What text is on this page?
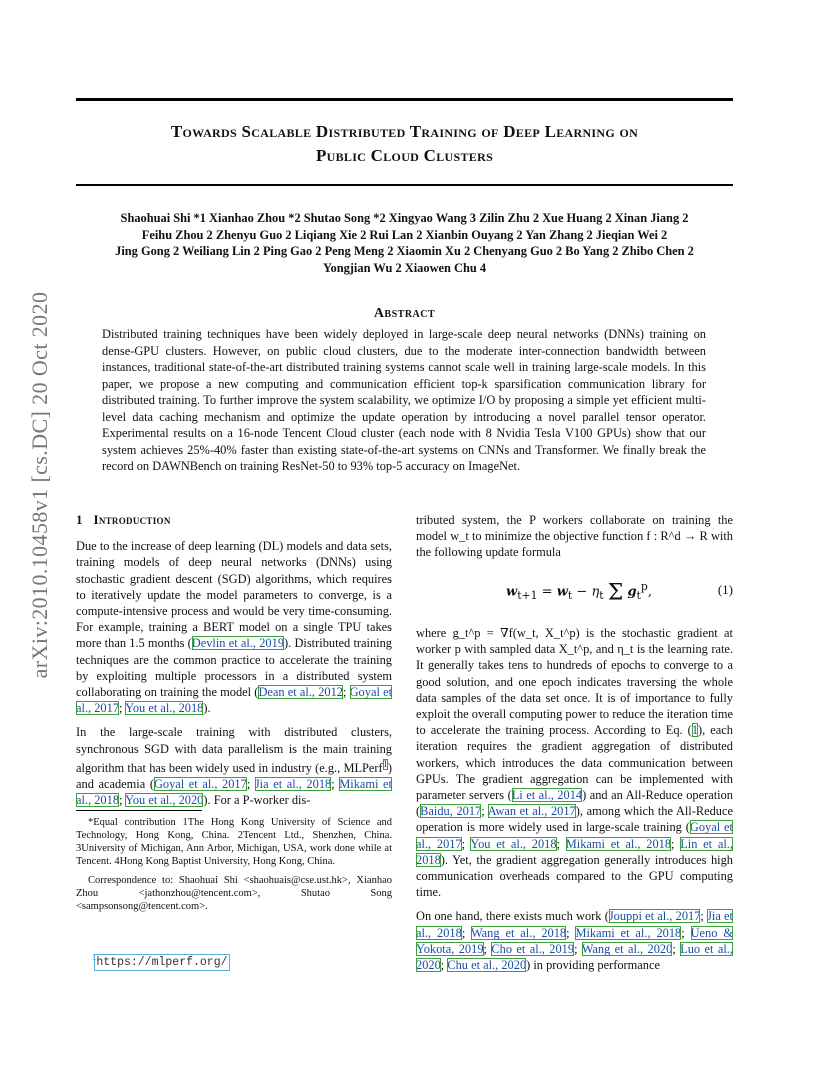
Towards Scalable Distributed Training of Deep Learning on
Public Cloud Clusters
Shaohuai Shi *1 Xianhao Zhou *2 Shutao Song *2 Xingyao Wang 3 Zilin Zhu 2 Xue Huang 2 Xinan Jiang 2
Feihu Zhou 2 Zhenyu Guo 2 Liqiang Xie 2 Rui Lan 2 Xianbin Ouyang 2 Yan Zhang 2 Jieqian Wei 2
Jing Gong 2 Weiliang Lin 2 Ping Gao 2 Peng Meng 2 Xiaomin Xu 2 Chenyang Guo 2 Bo Yang 2 Zhibo Chen 2
Yongjian Wu 2 Xiaowen Chu 4
arXiv:2010.10458v1 [cs.DC] 20 Oct 2020	Abstract
Distributed training techniques have been widely deployed in large-scale deep neural networks (DNNs) training on dense-GPU clusters. However, on public cloud clusters, due to the moderate inter-connection bandwidth between instances, traditional state-of-the-art distributed training systems cannot scale well in training large-scale models. In this paper, we propose a new computing and communication efficient top-k sparsification communication library for distributed training. To further improve the system scalability, we optimize I/O by proposing a simple yet efficient multi-level data caching mechanism and optimize the update operation by introducing a novel parallel tensor operator. Experimental results on a 16-node Tencent Cloud cluster (each node with 8 Nvidia Tesla V100 GPUs) show that our system achieves 25%-40% faster than existing state-of-the-art systems on CNNs and Transformer. We finally break the record on DAWNBench on training ResNet-50 to 93% top-5 accuracy on ImageNet.
1 Introduction

Due to the increase of deep learning (DL) models and data sets, training models of deep neural networks (DNNs) using stochastic gradient descent (SGD) algorithms, which requires to iteratively update the model parameters to converge, is a compute-intensive process and would be very time-consuming. For example, training a BERT model on a single TPU takes more than 1.5 months (Devlin et al., 2019). Distributed training techniques are the common practice to accelerate the training by exploiting multiple processors in a distributed system collaborating on training the model (Dean et al., 2012; Goyal et al., 2017; You et al., 2018).

In the large-scale training with distributed clusters, synchronous SGD with data parallelism is the main training algorithm that has been widely used in industry (e.g., MLPerf$^1$) and academia (Goyal et al., 2017; Jia et al., 2018; Mikami et al., 2018; You et al., 2020). For a P-worker dis-

*Equal contribution 1The Hong Kong University of Science and Technology, Hong Kong, China. 2Tencent Ltd., Shenzhen, China. 3University of Michigan, Ann Arbor, Michigan, USA, work done while at Tencent. 4Hong Kong Baptist University, Hong Kong, China.

Correspondence to: Shaohuai Shi <shaohuais@cse.ust.hk>, Xianhao Zhou <jathonzhou@tencent.com>, Shutao Song <sampsonsong@tencent.com>.

$^1$https://mlperf.org/

tributed system, the P workers collaborate on training the model w_t to minimize the objective function f : R^d → R with the following update formula

$w_{t+1} = w_t - \eta_t$ Σ $g_t^p$,	(1)

where g_t^p = ∇f(w_t, X_t^p) is the stochastic gradient at worker p with sampled data X_t^p, and η_t is the learning rate. It generally takes tens to hundreds of epochs to converge to a good solution, and one epoch indicates traversing the whole data samples of the data set once. It is of importance to fully exploit the overall computing power to reduce the iteration time to accelerate the training process. According to Eq. (1), each iteration requires the gradient aggregation of distributed workers, which introduces the data communication between GPUs. The gradient aggregation can be implemented with parameter servers (Li et al., 2014) and an All-Reduce operation (Baidu, 2017; Awan et al., 2017), among which the All-Reduce operation is more widely used in large-scale training (Goyal et al., 2017; You et al., 2018; Mikami et al., 2018; Lin et al., 2018). Yet, the gradient aggregation generally introduces high communication overheads compared to the GPU computing time.

On one hand, there exists much work (Jouppi et al., 2017; Jia et al., 2018; Wang et al., 2018; Mikami et al., 2018; Ueno & Yokota, 2019; Cho et al., 2019; Wang et al., 2020; Luo et al., 2020; Chu et al., 2020) in providing performance
